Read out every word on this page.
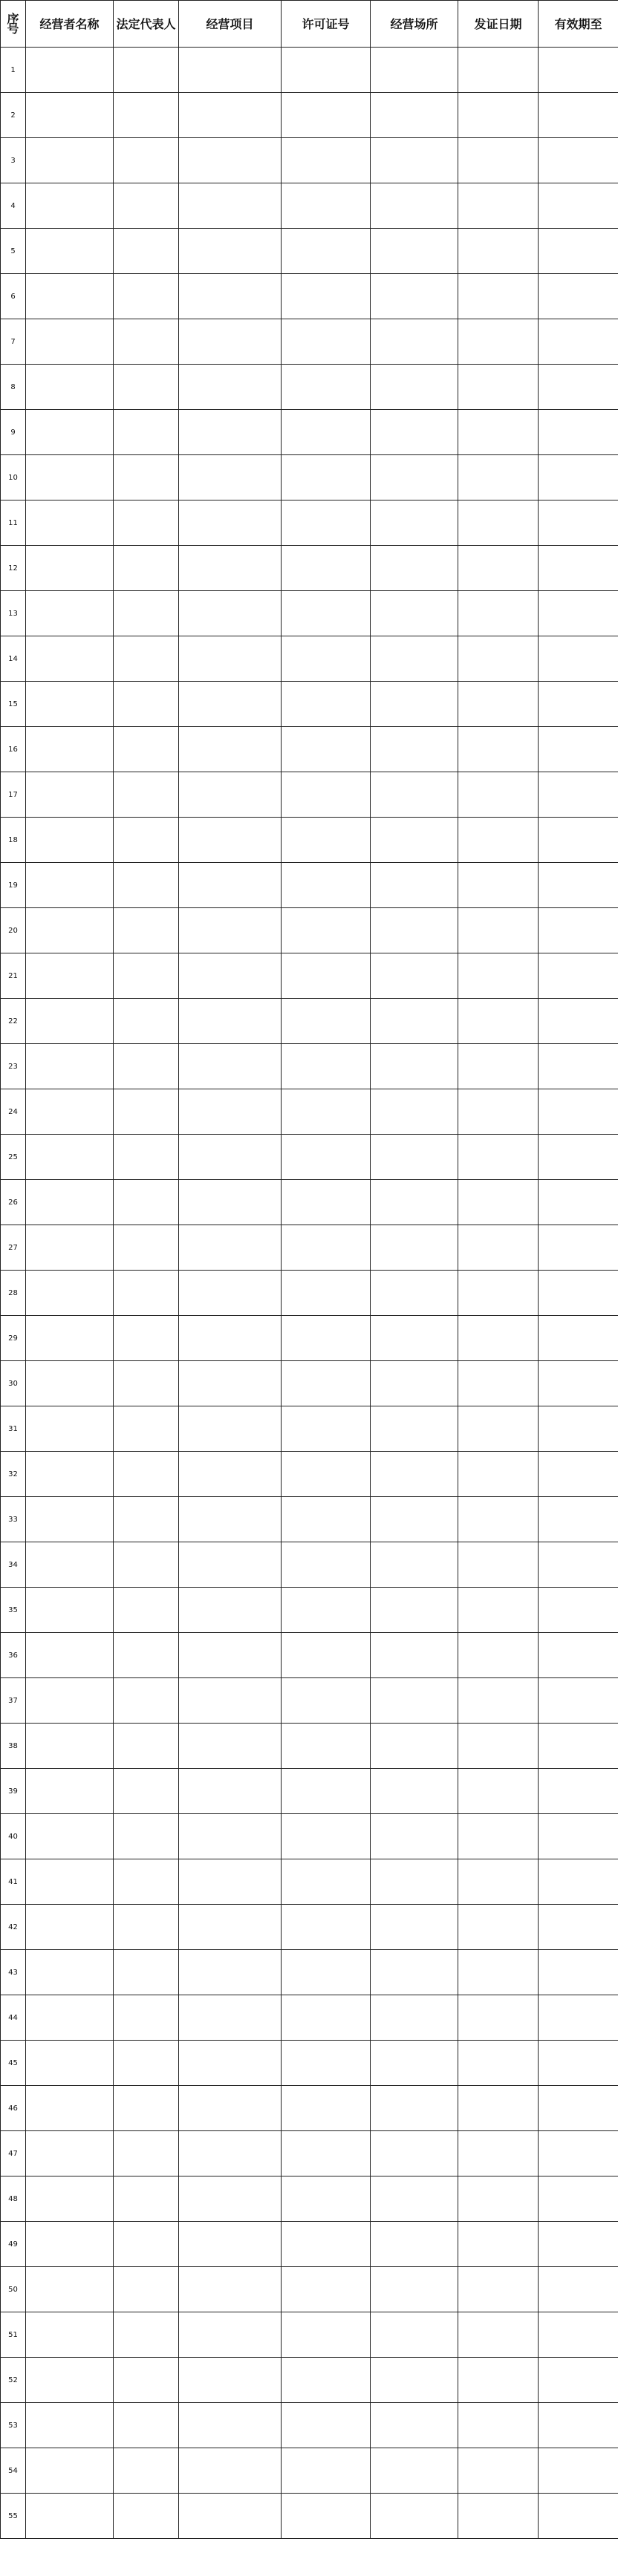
序号	经营者名称	法定代表人	经营项目	许可证号	经营场所	发证日期	有效期至
1							
2							
3							
4							
5							
6							
7							
8							
9							
10							
11							
12							
13							
14							
15							
16							
17							
18							
19							
20							
21							
22							
23							
24							
25							
26							
27							
28							
29							
30							
31							
32							
33							
34							
35							
36							
37							
38							
39							
40							
41							
42							
43							
44							
45							
46							
47							
48							
49							
50							
51							
52							
53							
54							
55							
